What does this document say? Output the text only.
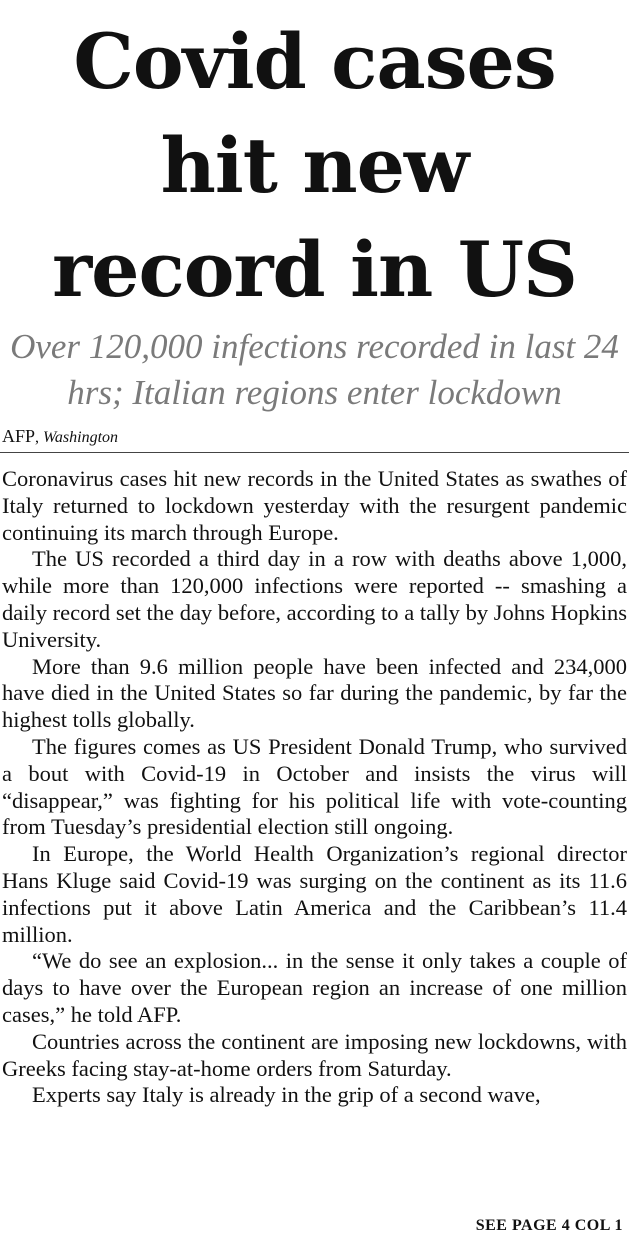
Covid cases
hit new
record in US
Over 120,000 infections recorded in last 24 hrs; Italian regions enter lockdown
AFP, Washington

Coronavirus cases hit new records in the United States as swathes of Italy returned to lockdown yesterday with the resurgent pandemic continuing its march through Europe.

The US recorded a third day in a row with deaths above 1,000, while more than 120,000 infections were reported -- smashing a daily record set the day before, according to a tally by Johns Hopkins University.

More than 9.6 million people have been infected and 234,000 have died in the United States so far during the pandemic, by far the highest tolls globally.

The figures comes as US President Donald Trump, who survived a bout with Covid-19 in October and insists the virus will “disappear,” was fighting for his political life with vote-counting from Tuesday’s presidential election still ongoing.

In Europe, the World Health Organization’s regional director Hans Kluge said Covid-19 was surging on the continent as its 11.6 infections put it above Latin America and the Caribbean’s 11.4 million.

“We do see an explosion... in the sense it only takes a couple of days to have over the European region an increase of one million cases,” he told AFP.

Countries across the continent are imposing new lockdowns, with Greeks facing stay-at-home orders from Saturday.

Experts say Italy is already in the grip of a second wave,

SEE PAGE 4 COL 1
